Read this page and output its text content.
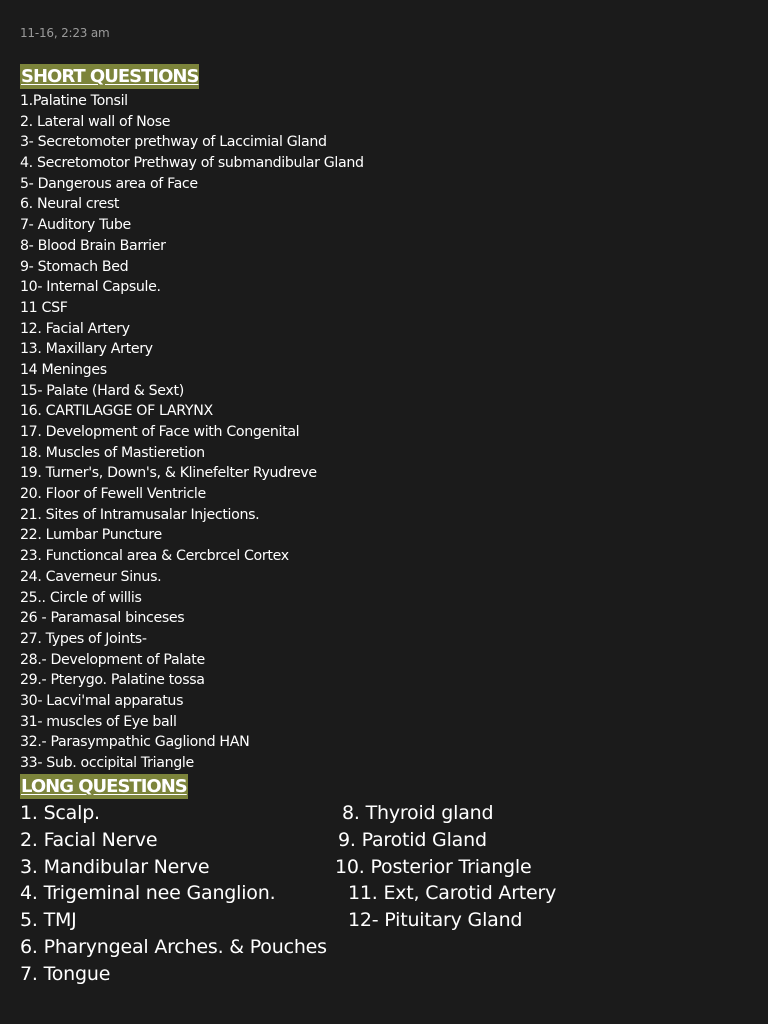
11-16, 2:23 am
SHORT QUESTIONS
1.Palatine Tonsil
2. Lateral wall of Nose
3- Secretomoter prethway of Laccimial Gland
4. Secretomotor Prethway of submandibular Gland
5- Dangerous area of Face
6. Neural crest
7- Auditory Tube
8- Blood Brain Barrier
9- Stomach Bed
10- Internal Capsule.
11 CSF
12. Facial Artery
13. Maxillary Artery
14 Meninges
15- Palate (Hard & Sext)
16. CARTILAGGE OF LARYNX
17. Development of Face with Congenital
18. Muscles of Mastieretion
19. Turner's, Down's, & Klinefelter Ryudreve
20. Floor of Fewell Ventricle
21. Sites of Intramusalar Injections.
22. Lumbar Puncture
23. Functioncal area & Cercbrcel Cortex
24. Caverneur Sinus.
25.. Circle of willis
26 - Paramasal binceses
27. Types of Joints-
28.- Development of Palate
29.- Pterygo. Palatine tossa
30- Lacvi'mal apparatus
31- muscles of Eye ball
32.- Parasympathic Gagliond HAN
33- Sub. occipital Triangle
LONG QUESTIONS
1. Scalp.
2. Facial Nerve
3. Mandibular Nerve
4. Trigeminal nee Ganglion.
5. TMJ
6. Pharyngeal Arches. & Pouches
7. Tongue
8. Thyroid gland
9. Parotid Gland
10. Posterior Triangle
11. Ext, Carotid Artery
12- Pituitary Gland
